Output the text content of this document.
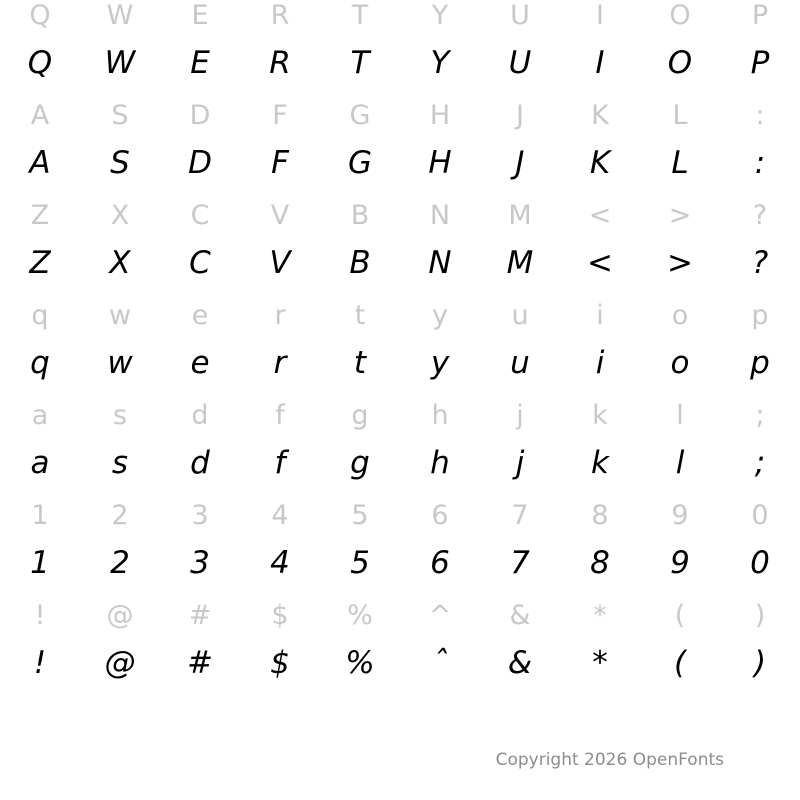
Q	W	E	R	T	Y	U	I	O	P
Q	W	E	R	T	Y	U	I	O	P
A	S	D	F	G	H	J	K	L	:
A	S	D	F	G	H	J	K	L	:
Z	X	C	V	B	N	M	<	>	?
Z	X	C	V	B	N	M	<	>	?
q	w	e	r	t	y	u	i	o	p
q	w	e	r	t	y	u	i	o	p
a	s	d	f	g	h	j	k	l	;
a	s	d	f	g	h	j	k	l	;
1	2	3	4	5	6	7	8	9	0
1	2	3	4	5	6	7	8	9	0
!	@	#	$	%	^	&	*	(	)
!	@	#	$	%	ˆ	&	*	(	)
Copyright 2026 OpenFonts
